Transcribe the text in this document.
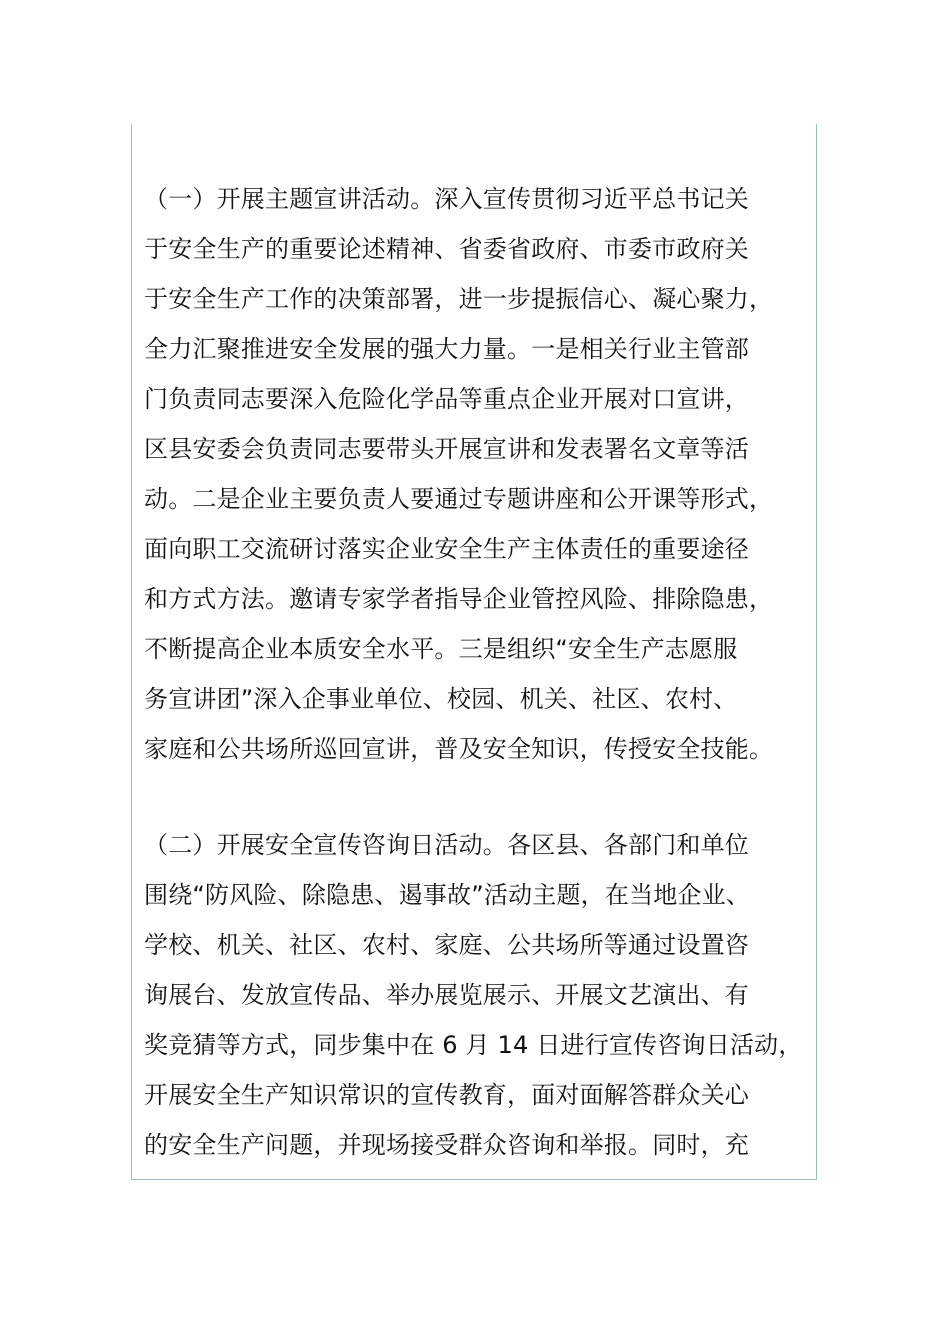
（一）开展主题宣讲活动。深入宣传贯彻习近平总书记关
于安全生产的重要论述精神、省委省政府、市委市政府关
于安全生产工作的决策部署，进一步提振信心、凝心聚力，
全力汇聚推进安全发展的强大力量。一是相关行业主管部
门负责同志要深入危险化学品等重点企业开展对口宣讲，
区县安委会负责同志要带头开展宣讲和发表署名文章等活
动。二是企业主要负责人要通过专题讲座和公开课等形式，
面向职工交流研讨落实企业安全生产主体责任的重要途径
和方式方法。邀请专家学者指导企业管控风险、排除隐患，
不断提高企业本质安全水平。三是组织“安全生产志愿服
务宣讲团”深入企事业单位、校园、机关、社区、农村、
家庭和公共场所巡回宣讲，普及安全知识，传授安全技能。
（二）开展安全宣传咨询日活动。各区县、各部门和单位
围绕“防风险、除隐患、遏事故”活动主题，在当地企业、
学校、机关、社区、农村、家庭、公共场所等通过设置咨
询展台、发放宣传品、举办展览展示、开展文艺演出、有
奖竞猜等方式，同步集中在 6 月 14 日进行宣传咨询日活动，
开展安全生产知识常识的宣传教育，面对面解答群众关心
的安全生产问题，并现场接受群众咨询和举报。同时，充
